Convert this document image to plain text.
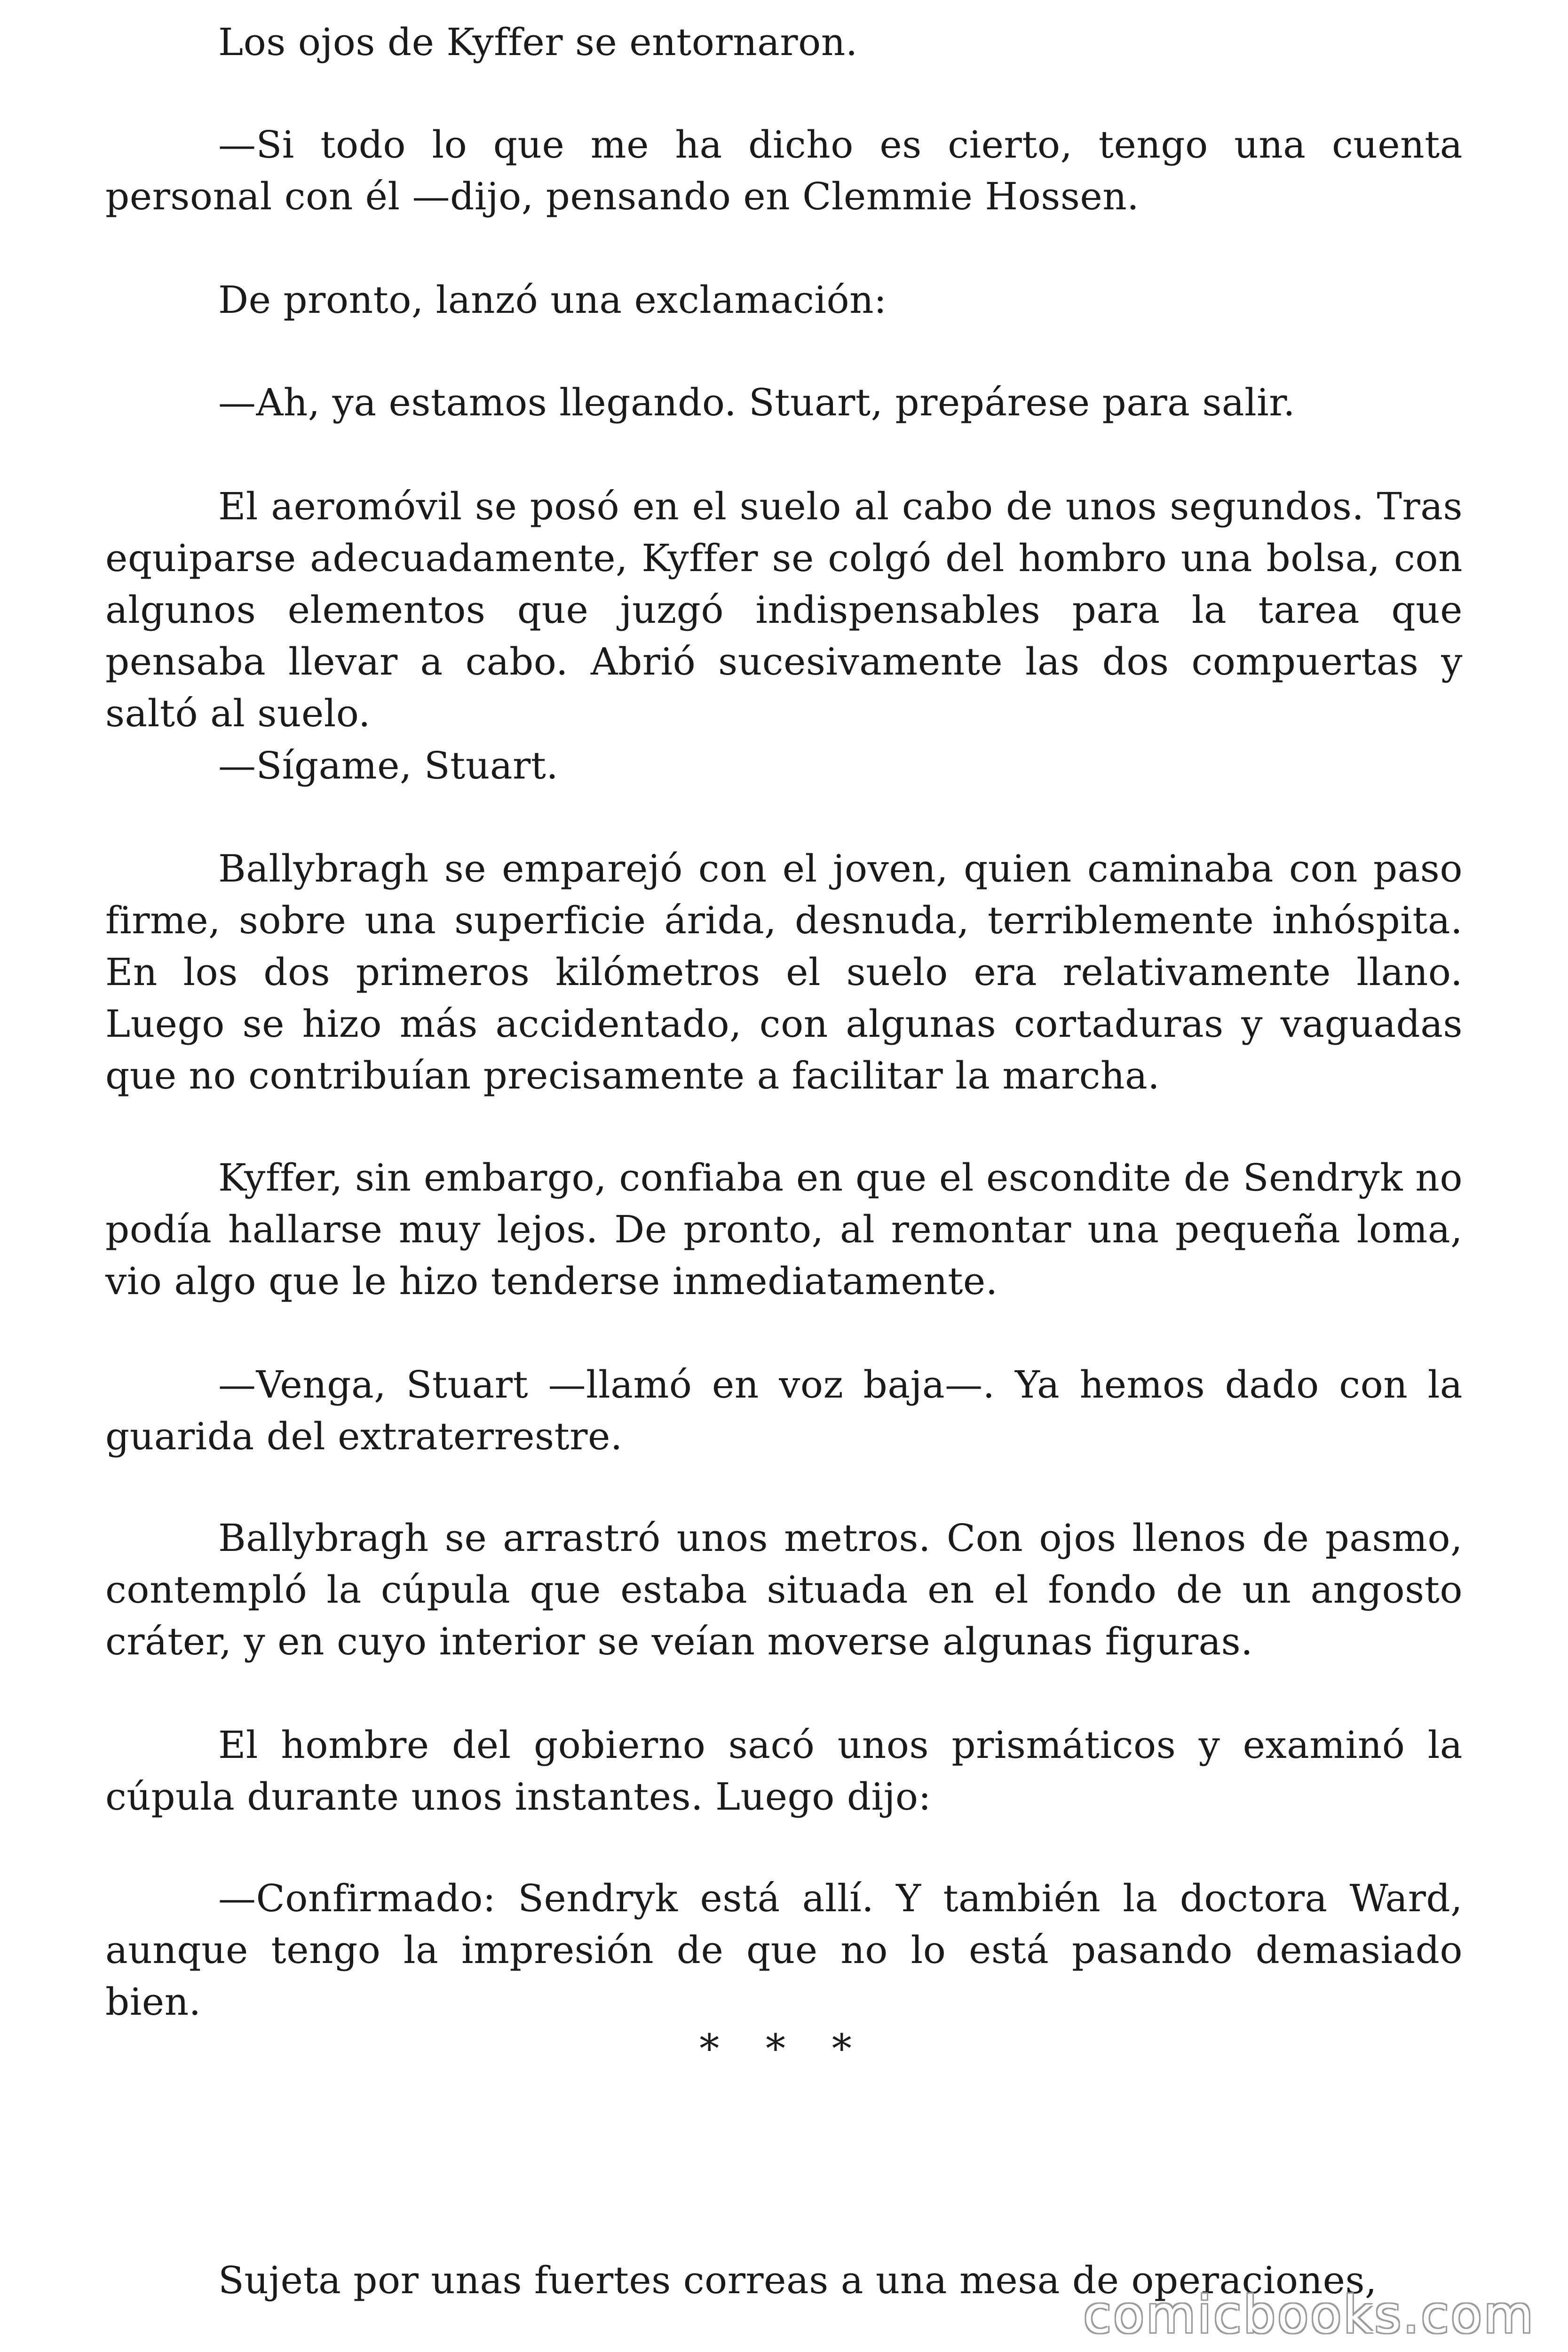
Los ojos de Kyffer se entornaron.

—Si todo lo que me ha dicho es cierto, tengo una cuenta personal con él —dijo, pensando en Clemmie Hossen.

De pronto, lanzó una exclamación:

—Ah, ya estamos llegando. Stuart, prepárese para salir.

El aeromóvil se posó en el suelo al cabo de unos segundos. Tras equiparse adecuadamente, Kyffer se colgó del hombro una bolsa, con algunos elementos que juzgó indispensables para la tarea que pensaba llevar a cabo. Abrió sucesivamente las dos compuertas y saltó al suelo.

—Sígame, Stuart.

Ballybragh se emparejó con el joven, quien caminaba con paso firme, sobre una superficie árida, desnuda, terriblemente inhóspita. En los dos primeros kilómetros el suelo era relativamente llano. Luego se hizo más accidentado, con algunas cortaduras y vaguadas que no contribuían precisamente a facilitar la marcha.

Kyffer, sin embargo, confiaba en que el escondite de Sendryk no podía hallarse muy lejos. De pronto, al remontar una pequeña loma, vio algo que le hizo tenderse inmediatamente.

—Venga, Stuart —llamó en voz baja—. Ya hemos dado con la guarida del extraterrestre.

Ballybragh se arrastró unos metros. Con ojos llenos de pasmo, contempló la cúpula que estaba situada en el fondo de un angosto cráter, y en cuyo interior se veían moverse algunas figuras.

El hombre del gobierno sacó unos prismáticos y examinó la cúpula durante unos instantes. Luego dijo:

—Confirmado: Sendryk está allí. Y también la doctora Ward, aunque tengo la impresión de que no lo está pasando demasiado bien.

* * *

Sujeta por unas fuertes correas a una mesa de operaciones,

comicbooks.com
